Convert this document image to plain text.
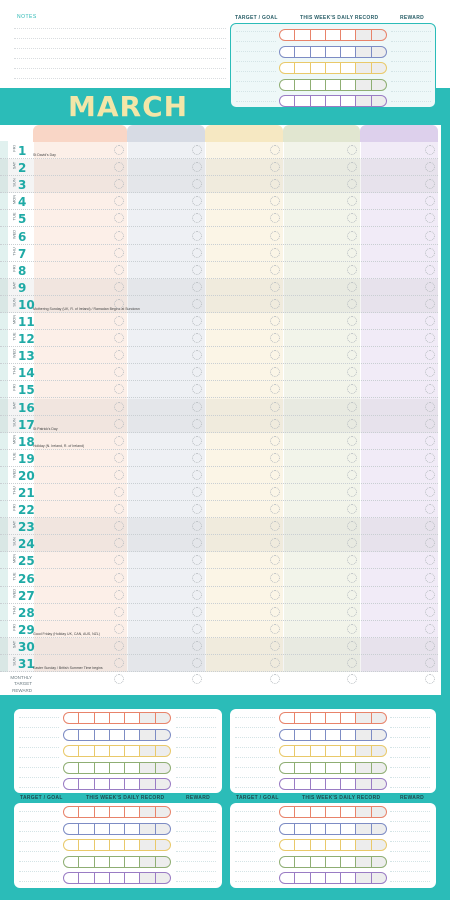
NOTES	TARGET / GOAL	THIS WEEK'S DAILY RECORD	REWARD
MARCH
FRI 1 St David's Day
SAT 2
SUN 3
MON 4
TUE 5
WED 6
THU 7
FRI 8
SAT 9
SUN 10
Mothering Sunday (UK, R. of Ireland) / Ramadan Begins at Sundown
MON 11
TUE 12
WED 13
THU 14
FRI 15
SAT 16
SUN 17
St Patrick's Day
MON 18
Holiday (N. Ireland, R. of Ireland)
TUE 19
WED 20
THU 21
FRI 22
SAT 23
SUN 24
MON 25
TUE 26
WED 27
THU 28
FRI 29
Good Friday (Holiday UK, CAN, AUS, NZL)
SAT 30
SUN 31
Easter Sunday / British Summer Time begins
MONTHLY TARGET
REWARD
TARGET / GOAL	THIS WEEK'S DAILY RECORD	REWARD	TARGET / GOAL	THIS WEEK'S DAILY RECORD	REWARD
